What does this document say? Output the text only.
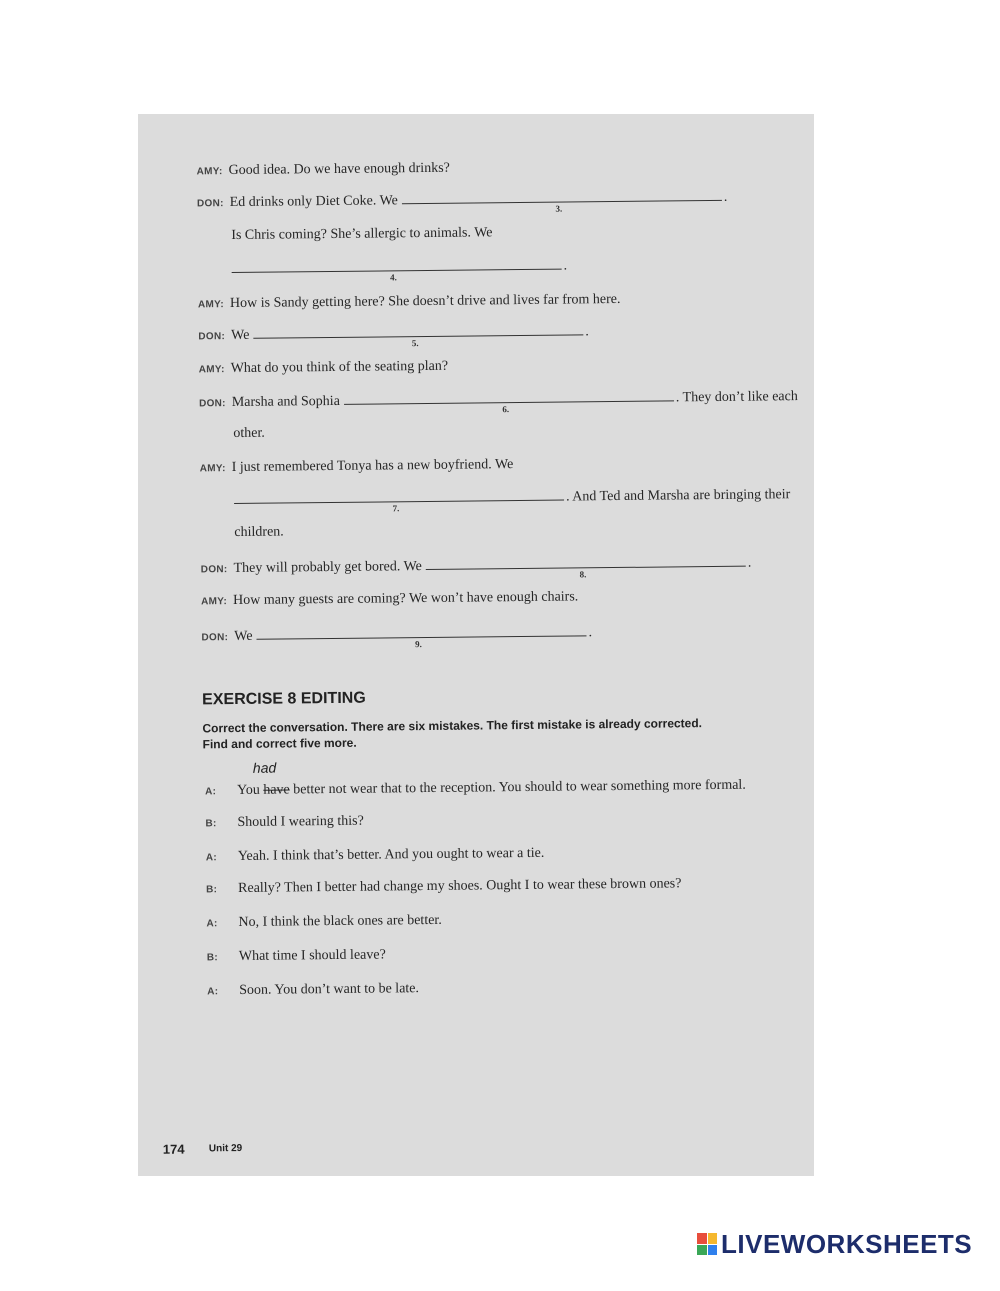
AMY: Good idea. Do we have enough drinks?
DON: Ed drinks only Diet Coke. We	3.
.
Is Chris coming? She’s allergic to animals. We
4.
.
AMY: How is Sandy getting here? She doesn’t drive and lives far from here.
DON: We
5.
.
AMY: What do you think of the seating plan?
DON: Marsha and Sophia	6.
. They don’t like each
other.
AMY: I just remembered Tonya has a new boyfriend. We
7.
. And Ted and Marsha are bringing their
children.
DON: They will probably get bored. We	8.
.
AMY: How many guests are coming? We won’t have enough chairs.
DON: We
9.
.
EXERCISE 8 EDITING
Correct the conversation. There are six mistakes. The first mistake is already corrected.
Find and correct five more.
had
A: You have better not wear that to the reception. You should to wear something more formal.
B: Should I wearing this?
A: Yeah. I think that’s better. And you ought to wear a tie.
B: Really? Then I better had change my shoes. Ought I to wear these brown ones?
A: No, I think the black ones are better.
B: What time I should leave?
A: Soon. You don’t want to be late.
174 Unit 29
LIVEWORKSHEETS
